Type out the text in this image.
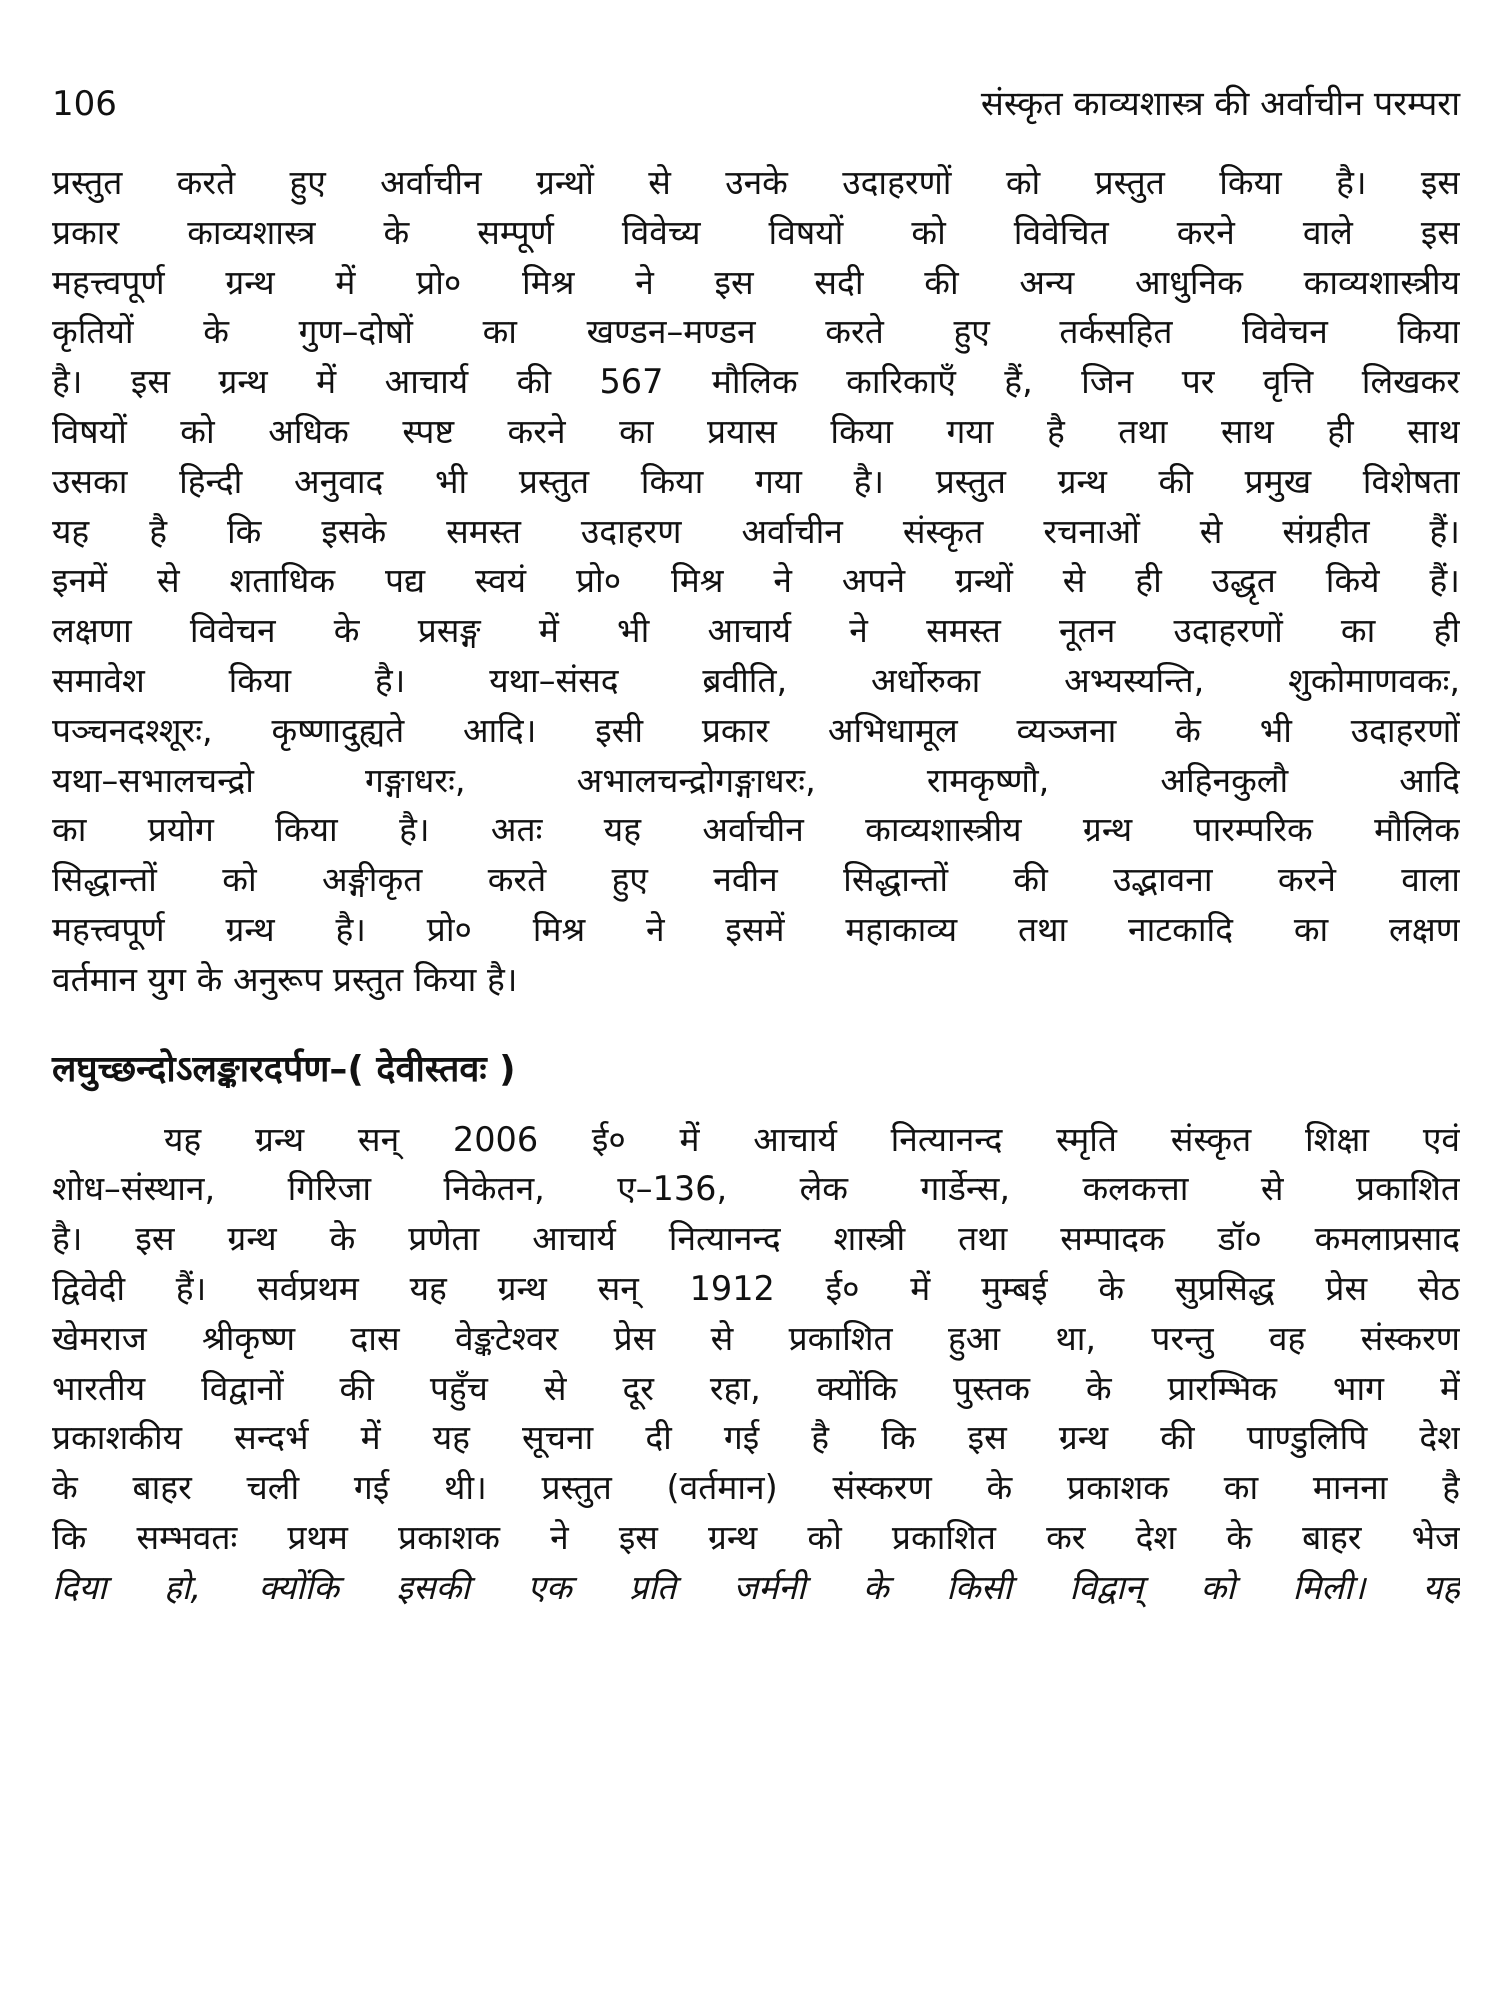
106	संस्कृत काव्यशास्त्र की अर्वाचीन परम्परा
प्रस्तुत करते हुए अर्वाचीन ग्रन्थों से उनके उदाहरणों को प्रस्तुत किया है। इस
प्रकार काव्यशास्त्र के सम्पूर्ण विवेच्य विषयों को विवेचित करने वाले इस
महत्त्वपूर्ण ग्रन्थ में प्रो० मिश्र ने इस सदी की अन्य आधुनिक काव्यशास्त्रीय
कृतियों के गुण–दोषों का खण्डन–मण्डन करते हुए तर्कसहित विवेचन किया
है। इस ग्रन्थ में आचार्य की 567 मौलिक कारिकाएँ हैं, जिन पर वृत्ति लिखकर
विषयों को अधिक स्पष्ट करने का प्रयास किया गया है तथा साथ ही साथ
उसका हिन्दी अनुवाद भी प्रस्तुत किया गया है। प्रस्तुत ग्रन्थ की प्रमुख विशेषता
यह है कि इसके समस्त उदाहरण अर्वाचीन संस्कृत रचनाओं से संग्रहीत हैं।
इनमें से शताधिक पद्य स्वयं प्रो० मिश्र ने अपने ग्रन्थों से ही उद्धृत किये हैं।
लक्षणा विवेचन के प्रसङ्ग में भी आचार्य ने समस्त नूतन उदाहरणों का ही
समावेश किया है। यथा–संसद ब्रवीति, अर्धोरुका अभ्यस्यन्ति, शुकोमाणवकः,
पञ्चनदश्शूरः, कृष्णादुह्यते आदि। इसी प्रकार अभिधामूल व्यञ्जना के भी उदाहरणों
यथा–सभालचन्द्रो गङ्गाधरः, अभालचन्द्रोगङ्गाधरः, रामकृष्णौ, अहिनकुलौ आदि
का प्रयोग किया है। अतः यह अर्वाचीन काव्यशास्त्रीय ग्रन्थ पारम्परिक मौलिक
सिद्धान्तों को अङ्गीकृत करते हुए नवीन सिद्धान्तों की उद्भावना करने वाला
महत्त्वपूर्ण ग्रन्थ है। प्रो० मिश्र ने इसमें महाकाव्य तथा नाटकादि का लक्षण
वर्तमान युग के अनुरूप प्रस्तुत किया है।
लघुच्छन्दोऽलङ्कारदर्पण–( देवीस्तवः )
यह ग्रन्थ सन् 2006 ई० में आचार्य नित्यानन्द स्मृति संस्कृत शिक्षा एवं
शोध–संस्थान, गिरिजा निकेतन, ए–136, लेक गार्डेन्स, कलकत्ता से प्रकाशित
है। इस ग्रन्थ के प्रणेता आचार्य नित्यानन्द शास्त्री तथा सम्पादक डॉ० कमलाप्रसाद
द्विवेदी हैं। सर्वप्रथम यह ग्रन्थ सन् 1912 ई० में मुम्बई के सुप्रसिद्ध प्रेस सेठ
खेमराज श्रीकृष्ण दास वेङ्कटेश्वर प्रेस से प्रकाशित हुआ था, परन्तु वह संस्करण
भारतीय विद्वानों की पहुँच से दूर रहा, क्योंकि पुस्तक के प्रारम्भिक भाग में
प्रकाशकीय सन्दर्भ में यह सूचना दी गई है कि इस ग्रन्थ की पाण्डुलिपि देश
के बाहर चली गई थी। प्रस्तुत (वर्तमान) संस्करण के प्रकाशक का मानना है
कि सम्भवतः प्रथम प्रकाशक ने इस ग्रन्थ को प्रकाशित कर देश के बाहर भेज
दिया हो, क्योंकि इसकी एक प्रति जर्मनी के किसी विद्वान् को मिली। यह
